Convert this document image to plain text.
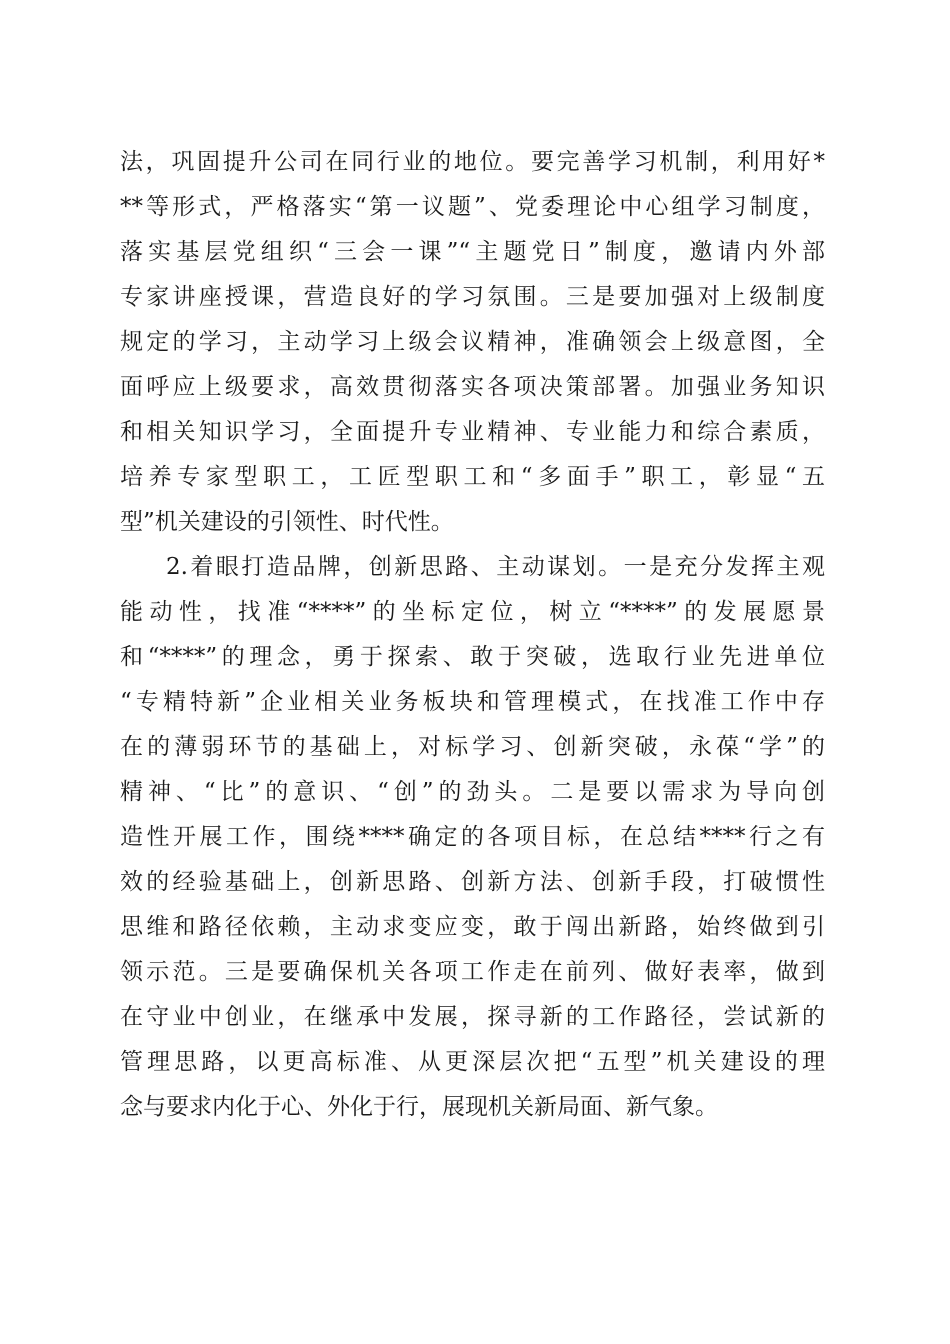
法，巩固提升公司在同行业的地位。要完善学习机制，利用好*
**等形式，严格落实“第一议题”、党委理论中心组学习制度，
落实基层党组织“三会一课”“主题党日”制度，邀请内外部
专家讲座授课，营造良好的学习氛围。三是要加强对上级制度
规定的学习，主动学习上级会议精神，准确领会上级意图，全
面呼应上级要求，高效贯彻落实各项决策部署。加强业务知识
和相关知识学习，全面提升专业精神、专业能力和综合素质，
培养专家型职工，工匠型职工和“多面手”职工，彰显“五
型”机关建设的引领性、时代性。
2.着眼打造品牌，创新思路、主动谋划。一是充分发挥主观
能动性，找准“****”的坐标定位，树立“****”的发展愿景
和“****”的理念，勇于探索、敢于突破，选取行业先进单位
“专精特新”企业相关业务板块和管理模式，在找准工作中存
在的薄弱环节的基础上，对标学习、创新突破，永葆“学”的
精神、“比”的意识、“创”的劲头。二是要以需求为导向创
造性开展工作，围绕****确定的各项目标，在总结****行之有
效的经验基础上，创新思路、创新方法、创新手段，打破惯性
思维和路径依赖，主动求变应变，敢于闯出新路，始终做到引
领示范。三是要确保机关各项工作走在前列、做好表率，做到
在守业中创业，在继承中发展，探寻新的工作路径，尝试新的
管理思路，以更高标准、从更深层次把“五型”机关建设的理
念与要求内化于心、外化于行，展现机关新局面、新气象。
